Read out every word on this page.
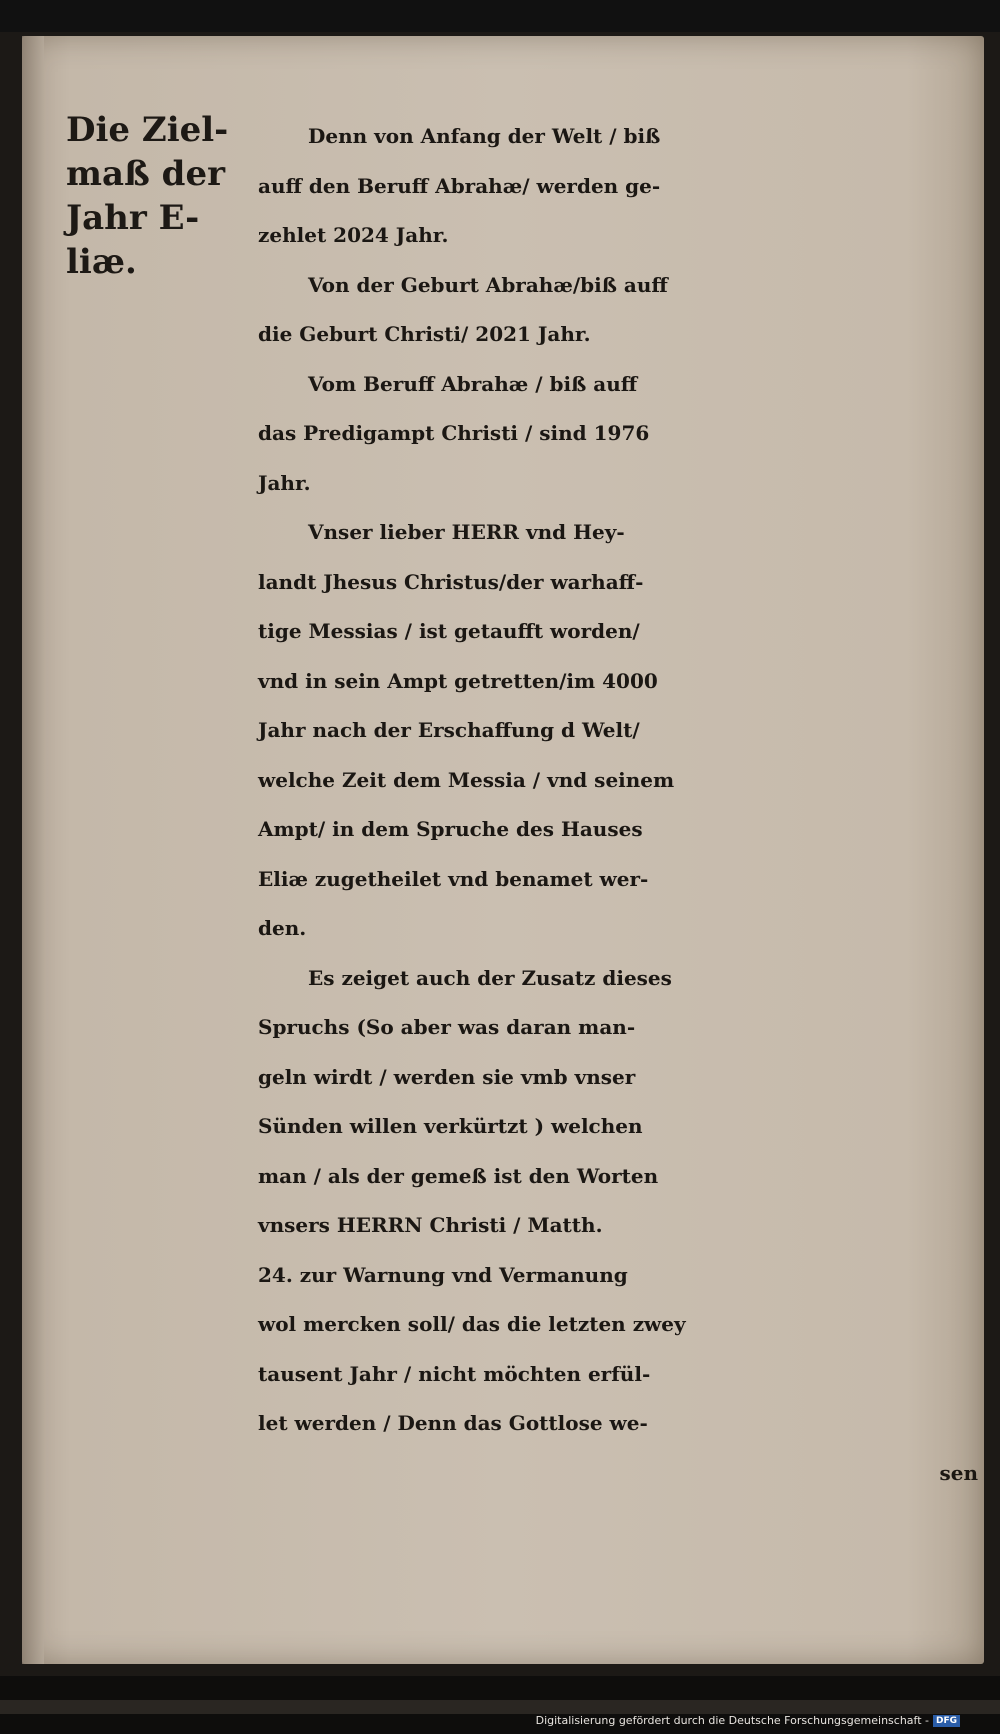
Die Ziel-
maß der
Jahr E-
liæ.
Denn von Anfang der Welt / biß
auff den Beruff Abrahæ/ werden ge-
zehlet 2024 Jahr.
Von der Geburt Abrahæ/biß auff
die Geburt Christi/ 2021 Jahr.
Vom Beruff Abrahæ / biß auff
das Predigampt Christi / sind 1976
Jahr.
Vnser lieber HERR vnd Hey-
landt Jhesus Christus/der warhaff-
tige Messias / ist getaufft worden/
vnd in sein Ampt getretten/im 4000
Jahr nach der Erschaffung d Welt/
welche Zeit dem Messia / vnd seinem
Ampt/ in dem Spruche des Hauses
Eliæ zugetheilet vnd benamet wer-
den.
Es zeiget auch der Zusatz dieses
Spruchs (So aber was daran man-
geln wirdt / werden sie vmb vnser
Sünden willen verkürtzt ) welchen
man / als der gemeß ist den Worten
vnsers HERRN Christi / Matth.
24. zur Warnung vnd Vermanung
wol mercken soll/ das die letzten zwey
tausent Jahr / nicht möchten erfül-
let werden / Denn das Gottlose we-
sen
Digitalisierung gefördert durch die Deutsche Forschungsgemeinschaft - DFG
